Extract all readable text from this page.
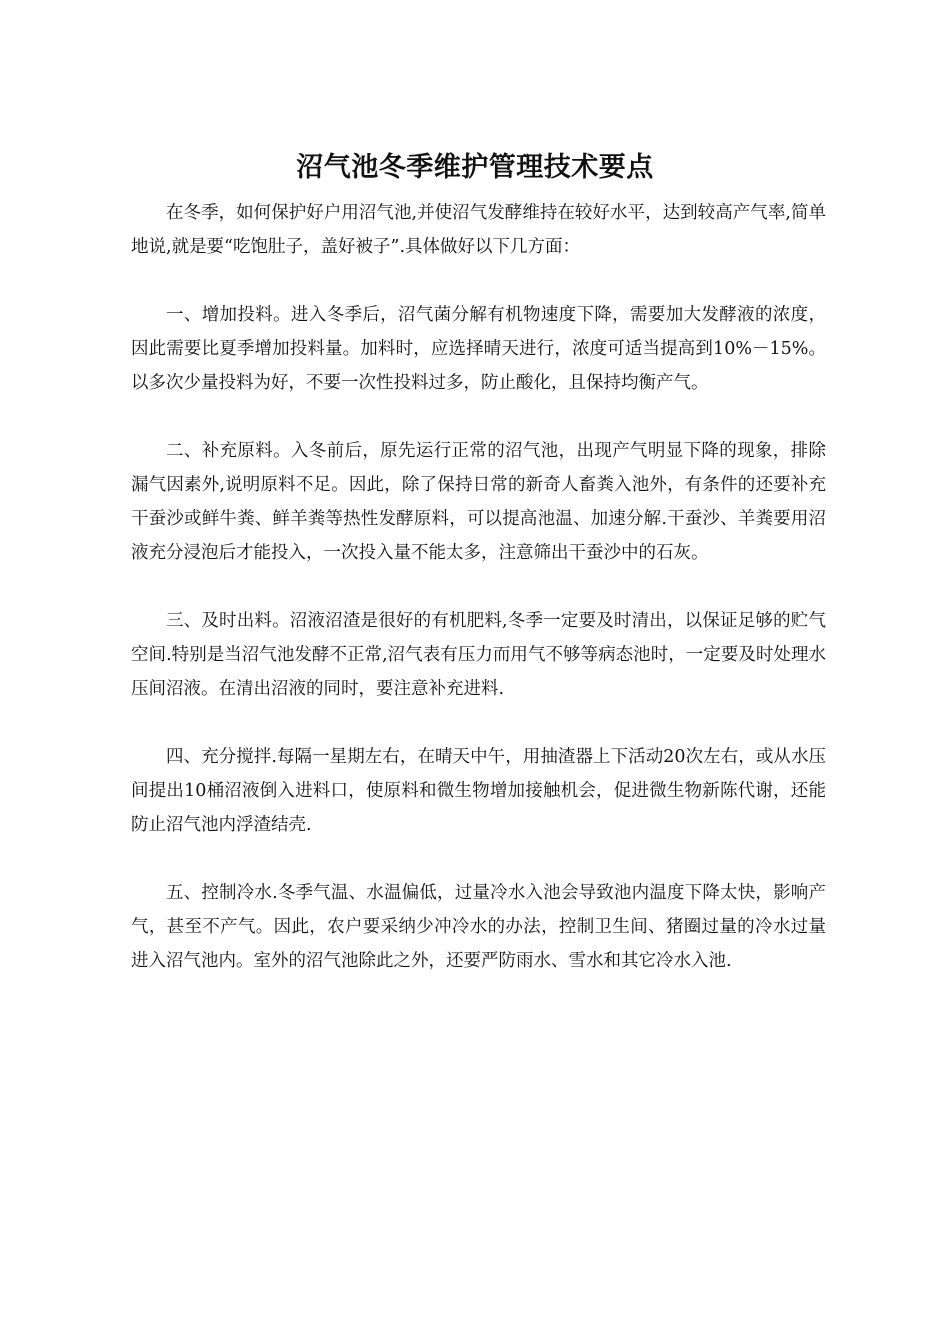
沼气池冬季维护管理技术要点

在冬季，如何保护好户用沼气池,并使沼气发酵维持在较好水平，达到较高产气率,简单地说,就是要“吃饱肚子，盖好被子”.具体做好以下几方面：

一、增加投料。进入冬季后，沼气菌分解有机物速度下降，需要加大发酵液的浓度，因此需要比夏季增加投料量。加料时，应选择晴天进行，浓度可适当提高到10%－15%。以多次少量投料为好，不要一次性投料过多，防止酸化，且保持均衡产气。

二、补充原料。入冬前后，原先运行正常的沼气池，出现产气明显下降的现象，排除漏气因素外,说明原料不足。因此，除了保持日常的新奇人畜粪入池外，有条件的还要补充干蚕沙或鲜牛粪、鲜羊粪等热性发酵原料，可以提高池温、加速分解.干蚕沙、羊粪要用沼液充分浸泡后才能投入，一次投入量不能太多，注意筛出干蚕沙中的石灰。

三、及时出料。沼液沼渣是很好的有机肥料,冬季一定要及时清出，以保证足够的贮气空间.特别是当沼气池发酵不正常,沼气表有压力而用气不够等病态池时，一定要及时处理水压间沼液。在清出沼液的同时，要注意补充进料.

四、充分搅拌.每隔一星期左右，在晴天中午，用抽渣器上下活动20次左右，或从水压间提出10桶沼液倒入进料口，使原料和微生物增加接触机会，促进微生物新陈代谢，还能防止沼气池内浮渣结壳.

五、控制冷水.冬季气温、水温偏低，过量冷水入池会导致池内温度下降太快，影响产气，甚至不产气。因此，农户要采纳少冲冷水的办法，控制卫生间、猪圈过量的冷水过量进入沼气池内。室外的沼气池除此之外，还要严防雨水、雪水和其它冷水入池.
